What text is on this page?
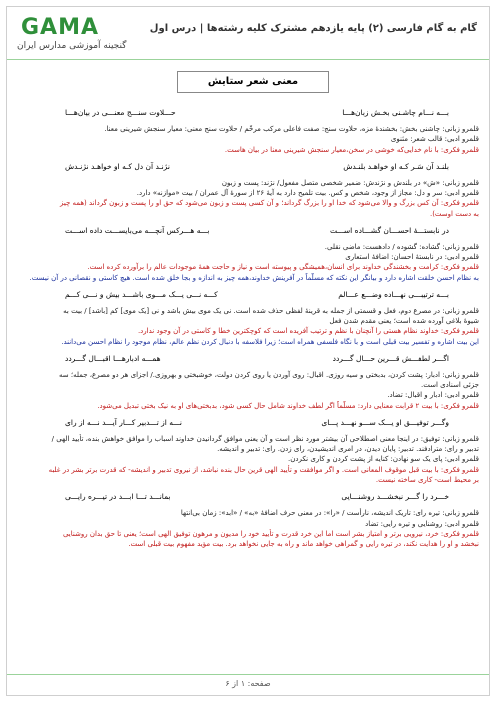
GAMA
گنجینه آموزشی مدارس ایران
گام به گام فارسی (۲) پایه یازدهم مشترک کلیه رشته‌ها | درس اول
معنی شعر ستایش
بـــه نـــام چاشـنی بخـش زبان‌هـــا
حـــلاوت سنـــج معنـــی در بیان‌هـــا
قلمرو زبانی: چاشنی بخش: بخشندۀ مزه، حلاوت سنج: صفت فاعلی مرکب مرخّم / حلاوت سنج معنی: معیار سنجش شیرینی معنا.
قلمرو ادبی: قالب شعر: مثنوی
قلمرو فکری: با نام خدایی‌که خوشی در سخن،معیار سنجش شیرینی معنا در بیان هاست.
بلنـد آن سَـر کـه او خواهـد بلنـدش
نژنـد آن دل کـه او خواهـد نژنـدش
قلمرو زبانی: «ش» در بلندش و نژندش: ضمیر شخصی متصل مفعول/ نژند: پست و زبون
قلمرو ادبی: سر و دل: مجاز از وجود، شخص و کس. بیت تلمیح دارد به آیۀ ۲۶ از سورۀ آل عمران / بیت «موازنه» دارد.
قلمرو فکری: آن کس بزرگ و والا می‌شود که خدا او را بزرگ گرداند؛ و آن کسی پست و زبون می‌شود که حق او را پست و زبون گرداند (همه چیز
به دست اوست).
در نابستـــۀ احســـان گشـــاده اســـت
بـــه هـــرکس آنچـــه می‌بایســـت داده اســـت
قلمرو زبانی: گشاده: گشوده / دادهست: ماضی نقلی.
قلمرو ادبی: در نابستۀ احسان: اضافۀ استعاری
قلمرو فکری: کرامت و بخشندگی خداوند برای انسان،همیشگی و پیوسته است و نیاز و حاجت همۀ موجودات عالم را برآورده کرده است.
به نظام احسن خلقت اشاره دارد و بیانگر این نکته که مسلّماً در آفرینش خداوند،همه چیز به اندازه و بجا خلق شده است. هیچ کاستی و نقصانی در آن نیست.
بـــه ترتیبـــی نهـــاده وضـــع عـــالم
کـــه نـــی یـــک مـــوی باشـــد بیش و نـــی کـــم
قلمرو زبانی: در مصرع دوم، فعل و قسمتی از جمله به قرینۀ لفظی حذف شده است. نی یک موی بیش باشد و نی [یک موی] کم [باشد] / بیت به
شیوۀ بلاغی آورده شده است؛ یعنی مقدم شدن فعل
قلمرو فکری: خداوند نظام هستی را آنچنان با نظم و ترتیب آفریده است که کوچکترین خطا و کاستی در آن وجود ندارد.
این بیت اشاره و تفسیر بیت قبلی است و با نگاه فلسفی همراه است؛ زیرا فلاسفه با دنبال کردن نظم عالم، نظام موجود را نظام احسن می‌دانند.
اگـــر لطفـــش قـــرین حـــال گـــردد
همـــه ادبارهـــا اقبـــال گـــردد
قلمرو زبانی: ادبار: پشت کردن، بدبختی و سیه روزی. اقبال: روی آوردن یا روی کردن دولت، خوشبختی و بهروزی./ اجزای هر دو مصرع، جمله؛ سه
جزئی اسنادی است.
قلمرو ادبی: ادبار و اقبال: تضاد.
قلمرو فکری: با بیت ۲ قرابت معنایی دارد: مسلّماً اگر لطف خداوند شامل حال کسی شود، بدبختی‌های او به نیک بختی تبدیل می‌شود.
وگـــر توفیـــق او یـــک ســـو نهـــد پـــای
نـــه از تـــدبیر کـــار آیـــد نـــه از رای
قلمرو زبانی: توفیق: در اینجا معنی اصطلاحی آن بیشتر مورد نظر است و آن یعنی موافق گردانیدن خداوند اسباب را موافق خواهش بنده، تأیید الهی /
تدبیر و رای: مترادفند. تدبیر: پایان دیدن، در امری اندیشیدن، رای زدن. رای: تدبیر و اندیشه.
قلمرو ادبی: پای یک سو نهادن: کنایه از پشت کردن و کاری نکردن.
قلمرو فکری: با بیت قبل موقوف المعانی است. و اگر موافقت و تأیید الهی قرین حال بنده نباشد، از نیروی تدبیر و اندیشه- که قدرت برتر بشر در غلبه
بر محیط است- کاری ساخته نیست.
خـــرد را گـــر نبخشـــد روشنـــایی
بمانـــد تـــا ابـــد در تیـــره رایـــی
قلمرو زبانی: تیره رای: تاریک اندیشه، نارأست / «را»: در معنی حرف اضافۀ «به» / «ابد»: زمان بی‌انتها
قلمرو ادبی: روشنایی و تیره رایی: تضاد
قلمرو فکری: خرد، نیرویی برتر و امتیاز بشر است اما این خرد قدرت و تأیید خود را مدیون و مرهون توفیق الهی است؛ یعنی تا حق بدان روشنایی
نبخشد و او را هدایت نکند، در تیره رایی و گمراهی خواهد ماند و راه به جایی نخواهد برد. بیت مؤید مفهوم بیت قبلی است.
صفحه: ۱ از ۶
